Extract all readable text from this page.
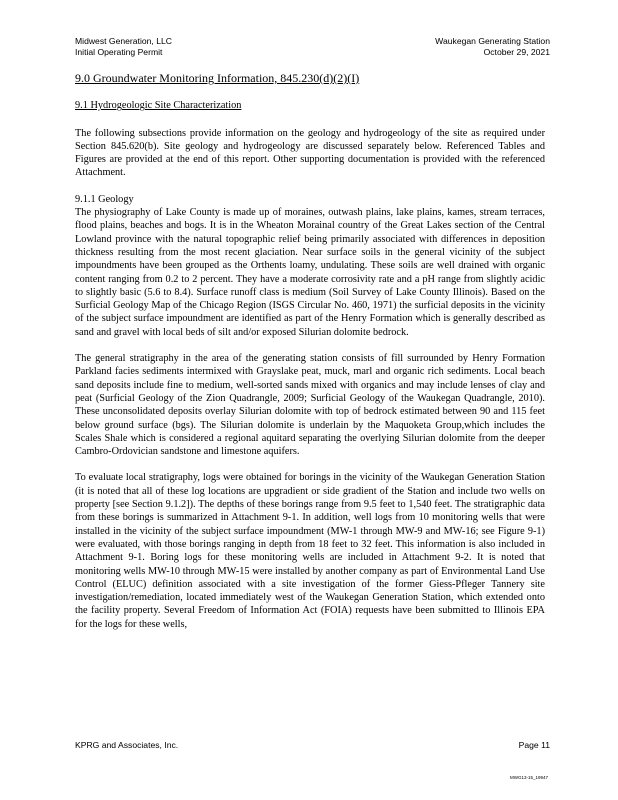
Midwest Generation, LLC
Initial Operating Permit
Waukegan Generating Station
October 29, 2021
9.0 Groundwater Monitoring Information, 845.230(d)(2)(I)
9.1 Hydrogeologic Site Characterization

The following subsections provide information on the geology and hydrogeology of the site as required under Section 845.620(b). Site geology and hydrogeology are discussed separately below. Referenced Tables and Figures are provided at the end of this report. Other supporting documentation is provided with the referenced Attachment.

9.1.1 Geology

The physiography of Lake County is made up of moraines, outwash plains, lake plains, kames, stream terraces, flood plains, beaches and bogs. It is in the Wheaton Morainal country of the Great Lakes section of the Central Lowland province with the natural topographic relief being primarily associated with differences in deposition thickness resulting from the most recent glaciation. Near surface soils in the general vicinity of the subject impoundments have been grouped as the Orthents loamy, undulating. These soils are well drained with organic content ranging from 0.2 to 2 percent. They have a moderate corrosivity rate and a pH range from slightly acidic to slightly basic (5.6 to 8.4). Surface runoff class is medium (Soil Survey of Lake County Illinois). Based on the Surficial Geology Map of the Chicago Region (ISGS Circular No. 460, 1971) the surficial deposits in the vicinity of the subject surface impoundment are identified as part of the Henry Formation which is generally described as sand and gravel with local beds of silt and/or exposed Silurian dolomite bedrock.

The general stratigraphy in the area of the generating station consists of fill surrounded by Henry Formation Parkland facies sediments intermixed with Grayslake peat, muck, marl and organic rich sediments. Local beach sand deposits include fine to medium, well-sorted sands mixed with organics and may include lenses of clay and peat (Surficial Geology of the Zion Quadrangle, 2009; Surficial Geology of the Waukegan Quadrangle, 2010). These unconsolidated deposits overlay Silurian dolomite with top of bedrock estimated between 90 and 115 feet below ground surface (bgs). The Silurian dolomite is underlain by the Maquoketa Group,which includes the Scales Shale which is considered a regional aquitard separating the overlying Silurian dolomite from the deeper Cambro-Ordovician sandstone and limestone aquifers.

To evaluate local stratigraphy, logs were obtained for borings in the vicinity of the Waukegan Generation Station (it is noted that all of these log locations are upgradient or side gradient of the Station and include two wells on property [see Section 9.1.2]). The depths of these borings range from 9.5 feet to 1,540 feet. The stratigraphic data from these borings is summarized in Attachment 9-1. In addition, well logs from 10 monitoring wells that were installed in the vicinity of the subject surface impoundment (MW-1 through MW-9 and MW-16; see Figure 9-1) were evaluated, with those borings ranging in depth from 18 feet to 32 feet. This information is also included in Attachment 9-1. Boring logs for these monitoring wells are included in Attachment 9-2. It is noted that monitoring wells MW-10 through MW-15 were installed by another company as part of Environmental Land Use Control (ELUC) definition associated with a site investigation of the former Giess-Pfleger Tannery site investigation/remediation, located immediately west of the Waukegan Generation Station, which extended onto the facility property. Several Freedom of Information Act (FOIA) requests have been submitted to Illinois EPA for the logs for these wells,

KPRG and Associates, Inc.	Page 11
MWG13-15_19947
